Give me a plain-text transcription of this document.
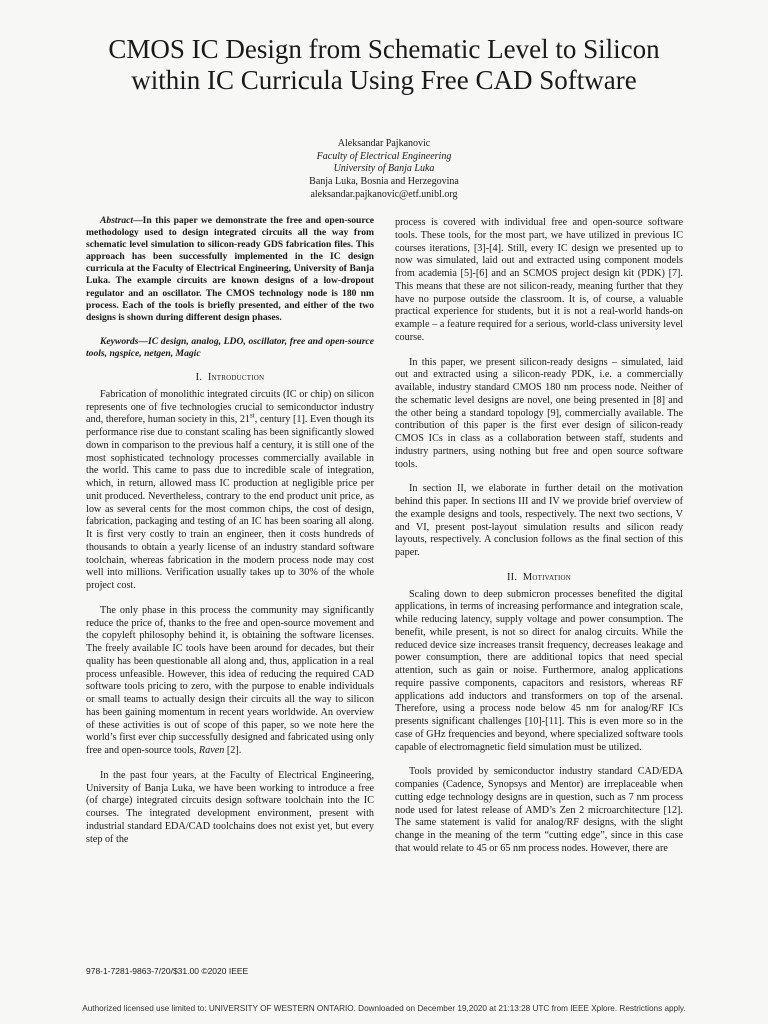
CMOS IC Design from Schematic Level to Silicon
within IC Curricula Using Free CAD Software
Aleksandar Pajkanovic
Faculty of Electrical Engineering
University of Banja Luka
Banja Luka, Bosnia and Herzegovina
aleksandar.pajkanovic@etf.unibl.org

Abstract—In this paper we demonstrate the free and open-source methodology used to design integrated circuits all the way from schematic level simulation to silicon-ready GDS fabrication files. This approach has been successfully implemented in the IC design curricula at the Faculty of Electrical Engineering, University of Banja Luka. The example circuits are known designs of a low-dropout regulator and an oscillator. The CMOS technology node is 180 nm process. Each of the tools is briefly presented, and either of the two designs is shown during different design phases.

Keywords—IC design, analog, LDO, oscillator, free and open-source tools, ngspice, netgen, Magic

I. Introduction

Fabrication of monolithic integrated circuits (IC or chip) on silicon represents one of five technologies crucial to semiconductor industry and, therefore, human society in this, 21st, century [1]. Even though its performance rise due to constant scaling has been significantly slowed down in comparison to the previous half a century, it is still one of the most sophisticated technology processes commercially available in the world. This came to pass due to incredible scale of integration, which, in return, allowed mass IC production at negligible price per unit produced. Nevertheless, contrary to the end product unit price, as low as several cents for the most common chips, the cost of design, fabrication, packaging and testing of an IC has been soaring all along. It is first very costly to train an engineer, then it costs hundreds of thousands to obtain a yearly license of an industry standard software toolchain, whereas fabrication in the modern process node may cost well into millions. Verification usually takes up to 30% of the whole project cost.

The only phase in this process the community may significantly reduce the price of, thanks to the free and open-source movement and the copyleft philosophy behind it, is obtaining the software licenses. The freely available IC tools have been around for decades, but their quality has been questionable all along and, thus, application in a real process unfeasible. However, this idea of reducing the required CAD software tools pricing to zero, with the purpose to enable individuals or small teams to actually design their circuits all the way to silicon has been gaining momentum in recent years worldwide. An overview of these activities is out of scope of this paper, so we note here the world’s first ever chip successfully designed and fabricated using only free and open-source tools, Raven [2].

In the past four years, at the Faculty of Electrical Engineering, University of Banja Luka, we have been working to introduce a free (of charge) integrated circuits design software toolchain into the IC courses. The integrated development environment, present with industrial standard EDA/CAD toolchains does not exist yet, but every step of the

process is covered with individual free and open-source software tools. These tools, for the most part, we have utilized in previous IC courses iterations, [3]-[4]. Still, every IC design we presented up to now was simulated, laid out and extracted using component models from academia [5]-[6] and an SCMOS project design kit (PDK) [7]. This means that these are not silicon-ready, meaning further that they have no purpose outside the classroom. It is, of course, a valuable practical experience for students, but it is not a real-world hands-on example – a feature required for a serious, world-class university level course.

In this paper, we present silicon-ready designs – simulated, laid out and extracted using a silicon-ready PDK, i.e. a commercially available, industry standard CMOS 180 nm process node. Neither of the schematic level designs are novel, one being presented in [8] and the other being a standard topology [9], commercially available. The contribution of this paper is the first ever design of silicon-ready CMOS ICs in class as a collaboration between staff, students and industry partners, using nothing but free and open source software tools.

In section II, we elaborate in further detail on the motivation behind this paper. In sections III and IV we provide brief overview of the example designs and tools, respectively. The next two sections, V and VI, present post-layout simulation results and silicon ready layouts, respectively. A conclusion follows as the final section of this paper.

II. Motivation

Scaling down to deep submicron processes benefited the digital applications, in terms of increasing performance and integration scale, while reducing latency, supply voltage and power consumption. The benefit, while present, is not so direct for analog circuits. While the reduced device size increases transit frequency, decreases leakage and power consumption, there are additional topics that need special attention, such as gain or noise. Furthermore, analog applications require passive components, capacitors and resistors, whereas RF applications add inductors and transformers on top of the arsenal. Therefore, using a process node below 45 nm for analog/RF ICs presents significant challenges [10]-[11]. This is even more so in the case of GHz frequencies and beyond, where specialized software tools capable of electromagnetic field simulation must be utilized.

Tools provided by semiconductor industry standard CAD/EDA companies (Cadence, Synopsys and Mentor) are irreplaceable when cutting edge technology designs are in question, such as 7 nm process node used for latest release of AMD’s Zen 2 microarchitecture [12]. The same statement is valid for analog/RF designs, with the slight change in the meaning of the term “cutting edge”, since in this case that would relate to 45 or 65 nm process nodes. However, there are

978-1-7281-9863-7/20/$31.00 ©2020 IEEE
Authorized licensed use limited to: UNIVERSITY OF WESTERN ONTARIO. Downloaded on December 19,2020 at 21:13:28 UTC from IEEE Xplore. Restrictions apply.
